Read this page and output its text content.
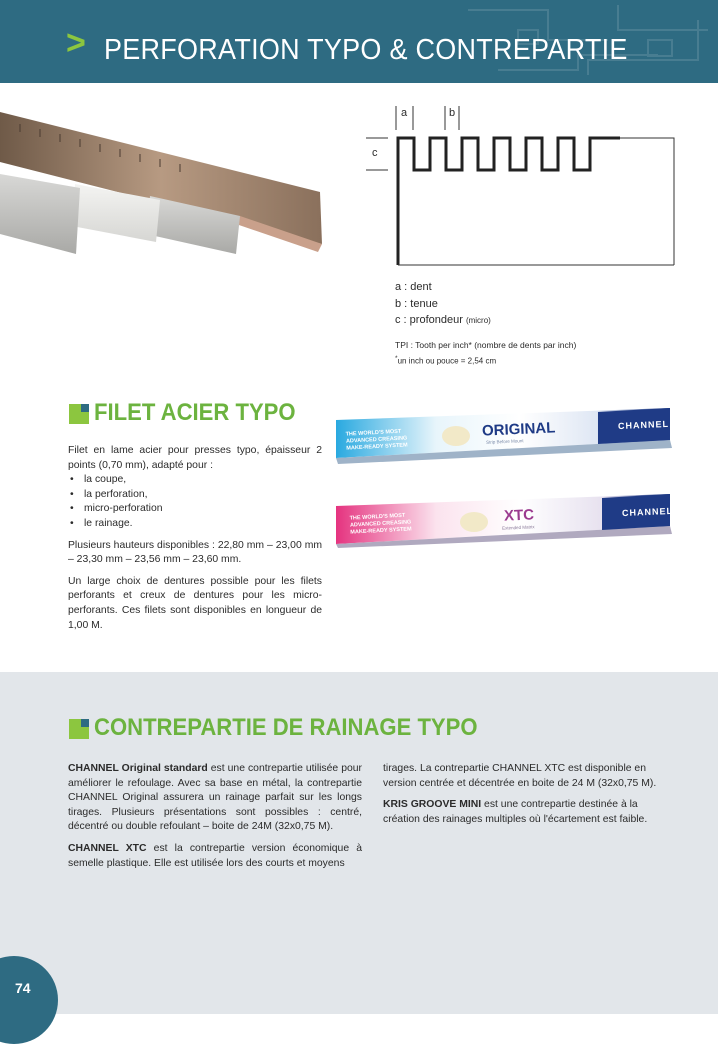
> PERFORATION TYPO & CONTREPARTIE
a	b
c
a : dent
b : tenue
c : profondeur (micro)
TPI : Tooth per inch* (nombre de dents par inch)
*un inch ou pouce = 2,54 cm
FILET ACIER TYPO

Filet en lame acier pour presses typo, épaisseur 2 points (0,70 mm), adapté pour :

• la coupe,
• la perforation,
• micro-perforation
• le rainage.

Plusieurs hauteurs disponibles : 22,80 mm – 23,00 mm – 23,30 mm – 23,56 mm – 23,60 mm.

Un large choix de dentures possible pour les filets perforants et creux de dentures pour les micro-perforants. Ces filets sont disponibles en longueur de 1,00 M.

THE WORLD'S MOST
ADVANCED CREASING
MAKE-READY SYSTEM
ORIGINAL
Strip Before Mount
CHANNEL
THE WORLD'S MOST
ADVANCED CREASING
MAKE-READY SYSTEM
XTC
Extended Matrix
CHANNEL
CONTREPARTIE DE RAINAGE TYPO

CHANNEL Original standard est une contrepartie utilisée pour améliorer le refoulage. Avec sa base en métal, la contrepartie CHANNEL Original assurera un rainage parfait sur les longs tirages. Plusieurs présentations sont possibles : centré, décentré ou double refoulant – boite de 24M (32x0,75 M).

CHANNEL XTC est la contrepartie version économique à semelle plastique. Elle est utilisée lors des courts et moyens

tirages. La contrepartie CHANNEL XTC est disponible en version centrée et décentrée en boite de 24 M (32x0,75 M).

KRIS GROOVE MINI est une contrepartie destinée à la création des rainages multiples où l'écartement est faible.

74
